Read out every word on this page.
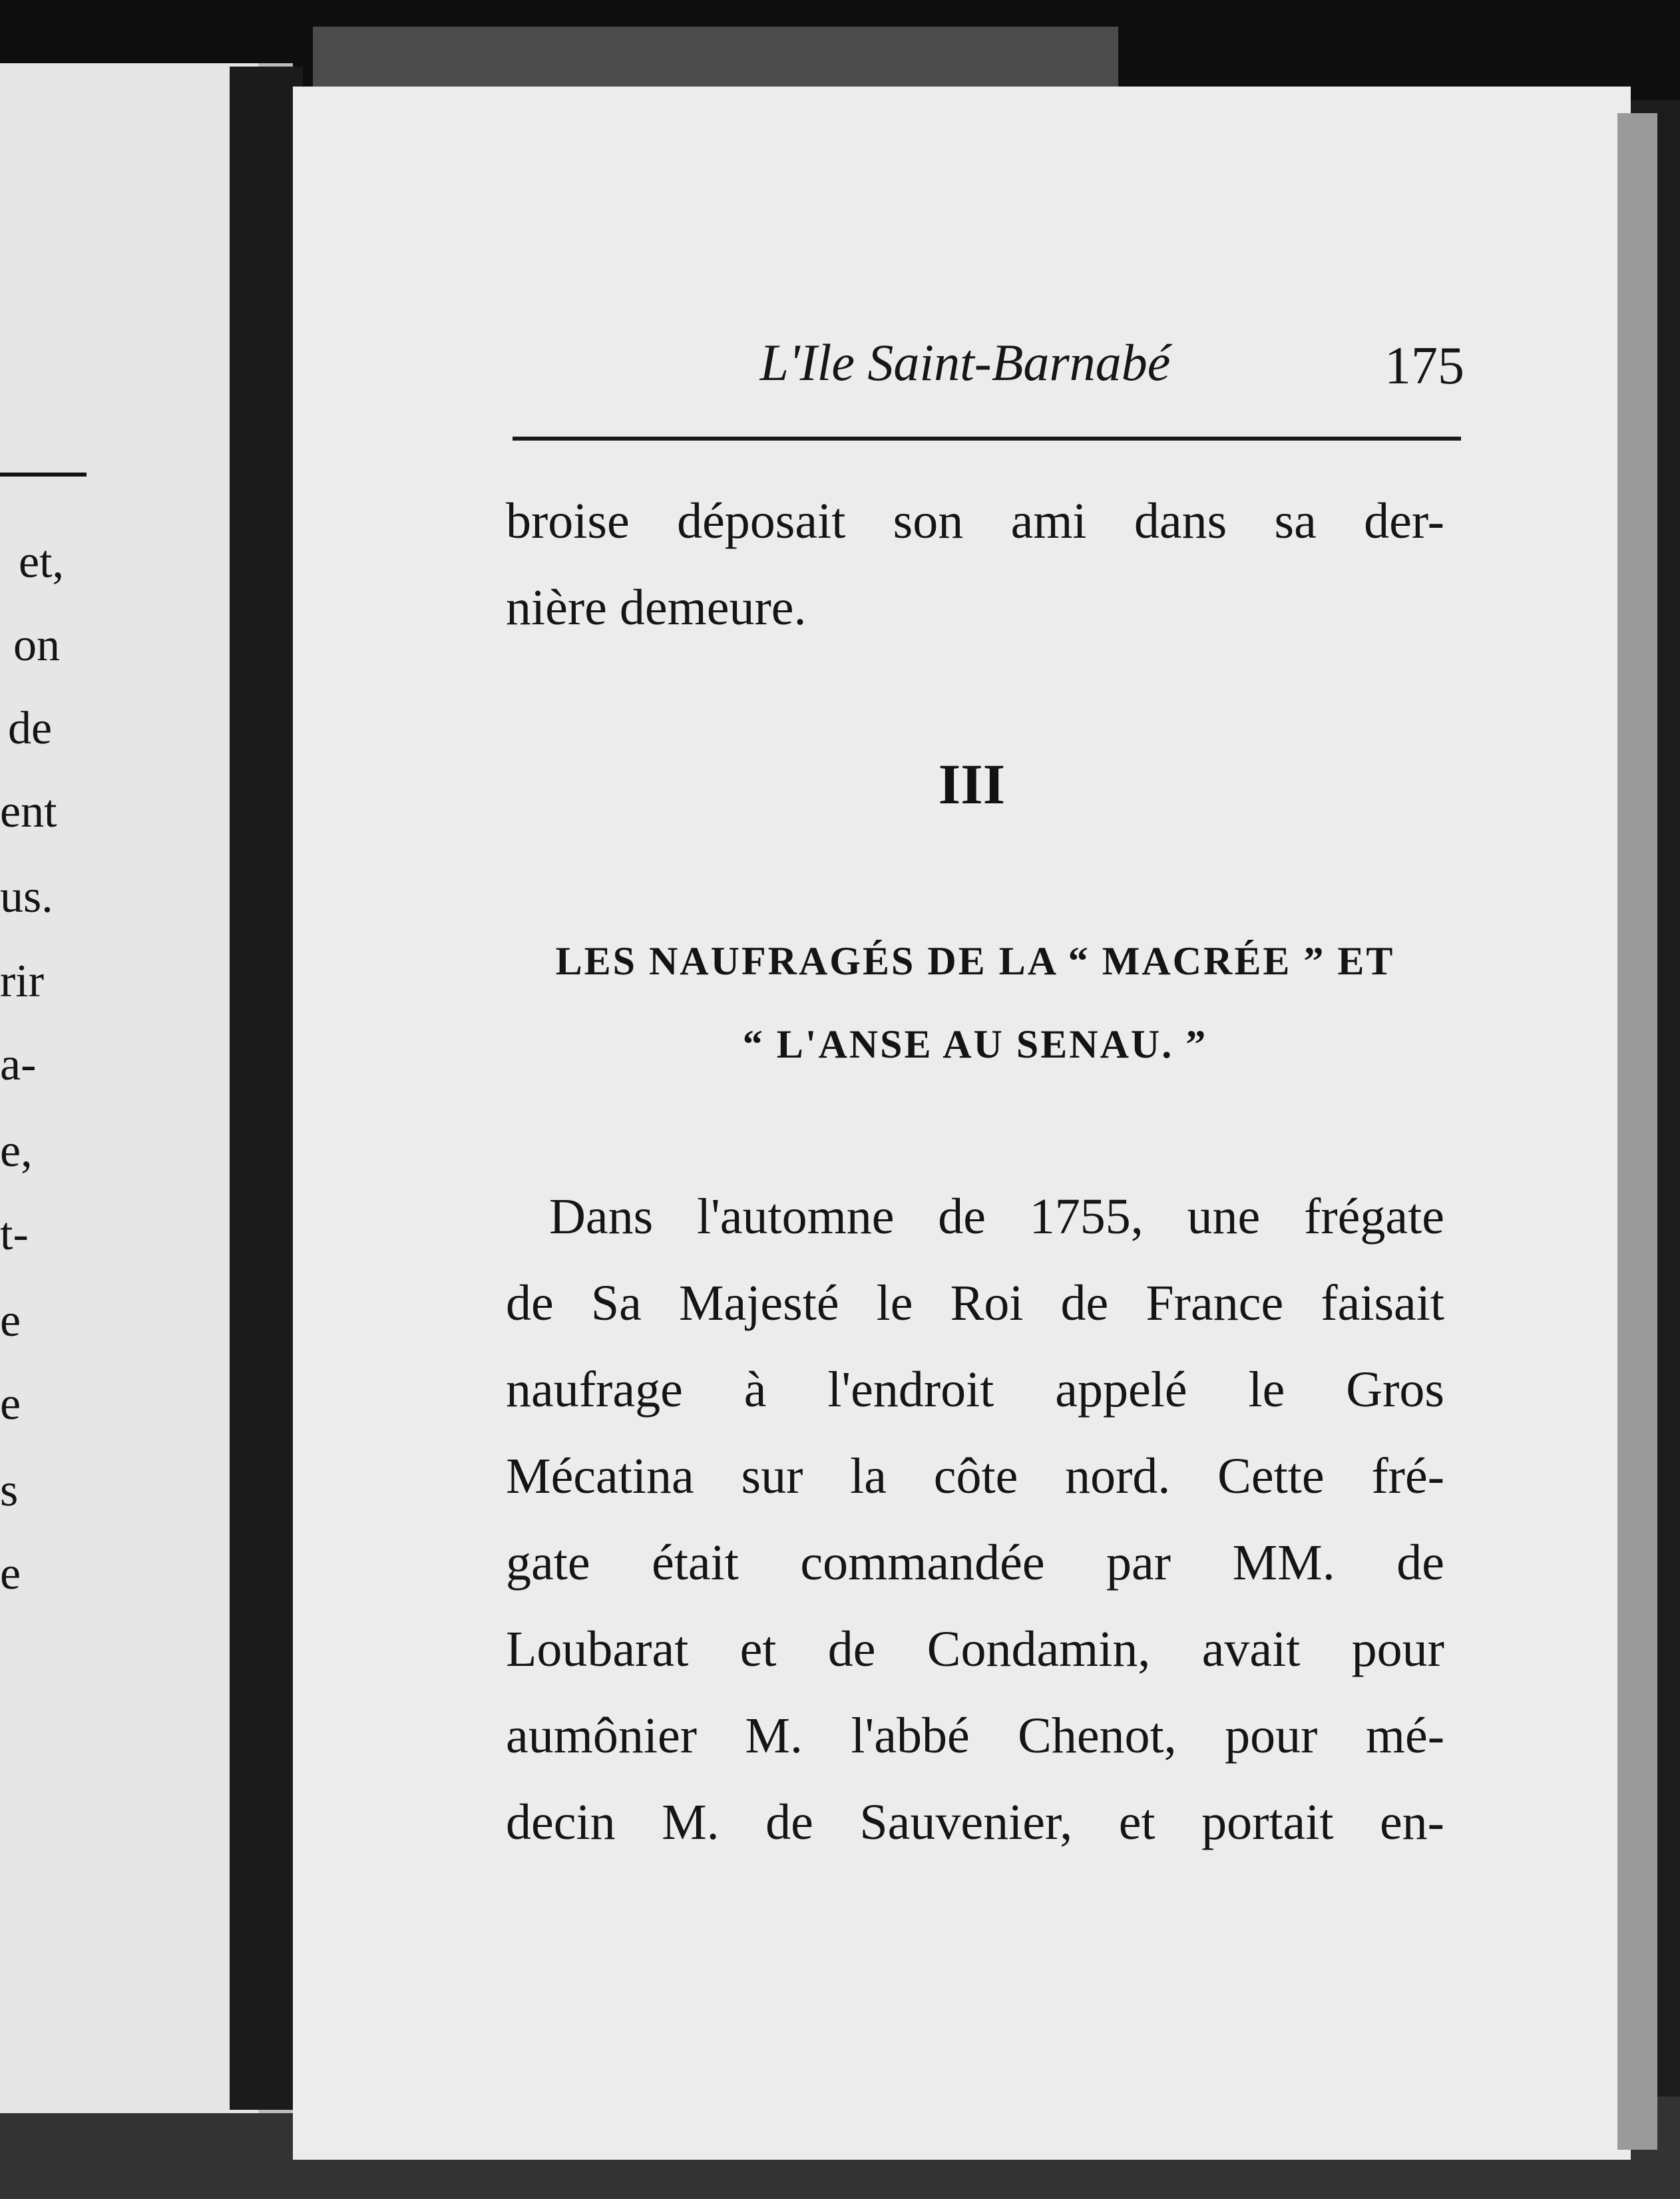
et,
on
de
ent
us.
rir
a-
e,
t-
e
e
s
e
L'Ile Saint-Barnabé	175
broise déposait son ami dans sa der-
nière demeure.
III
LES NAUFRAGÉS DE LA “ MACRÉE ” ET
“ L'ANSE AU SENAU. ”
Dans l'automne de 1755, une frégate
de Sa Majesté le Roi de France faisait
naufrage à l'endroit appelé le Gros
Mécatina sur la côte nord. Cette fré-
gate était commandée par MM. de
Loubarat et de Condamin, avait pour
aumônier M. l'abbé Chenot, pour mé-
decin M. de Sauvenier, et portait en-
